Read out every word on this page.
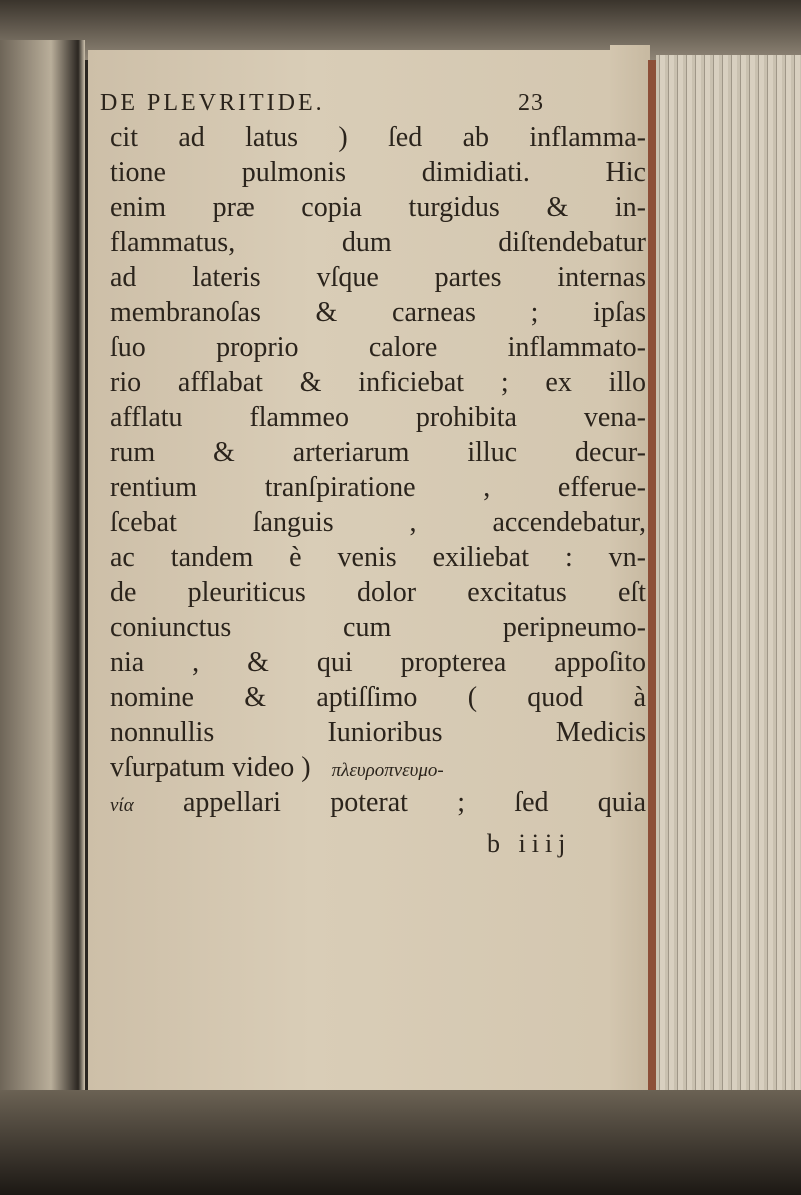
DE PLEVRITIDE.	23
cit ad latus ) ſed ab inflamma-
tione pulmonis dimidiati. Hic
enim præ copia turgidus & in-
flammatus, dum diſtendebatur
ad lateris vſque partes internas
membranoſas & carneas ; ipſas
ſuo proprio calore inflammato-
rio afflabat & inficiebat ; ex illo
afflatu flammeo prohibita vena-
rum & arteriarum illuc decur-
rentium tranſpiratione , efferue-
ſcebat ſanguis , accendebatur,
ac tandem è venis exiliebat : vn-
de pleuriticus dolor excitatus eſt
coniunctus cum peripneumo-
nia , & qui propterea appoſito
nomine & aptiſſimo ( quod à
nonnullis Iunioribus Medicis
vſurpatum video ) πλευροπνευμο-
νία appellari poterat ; ſed quia
b iiij
